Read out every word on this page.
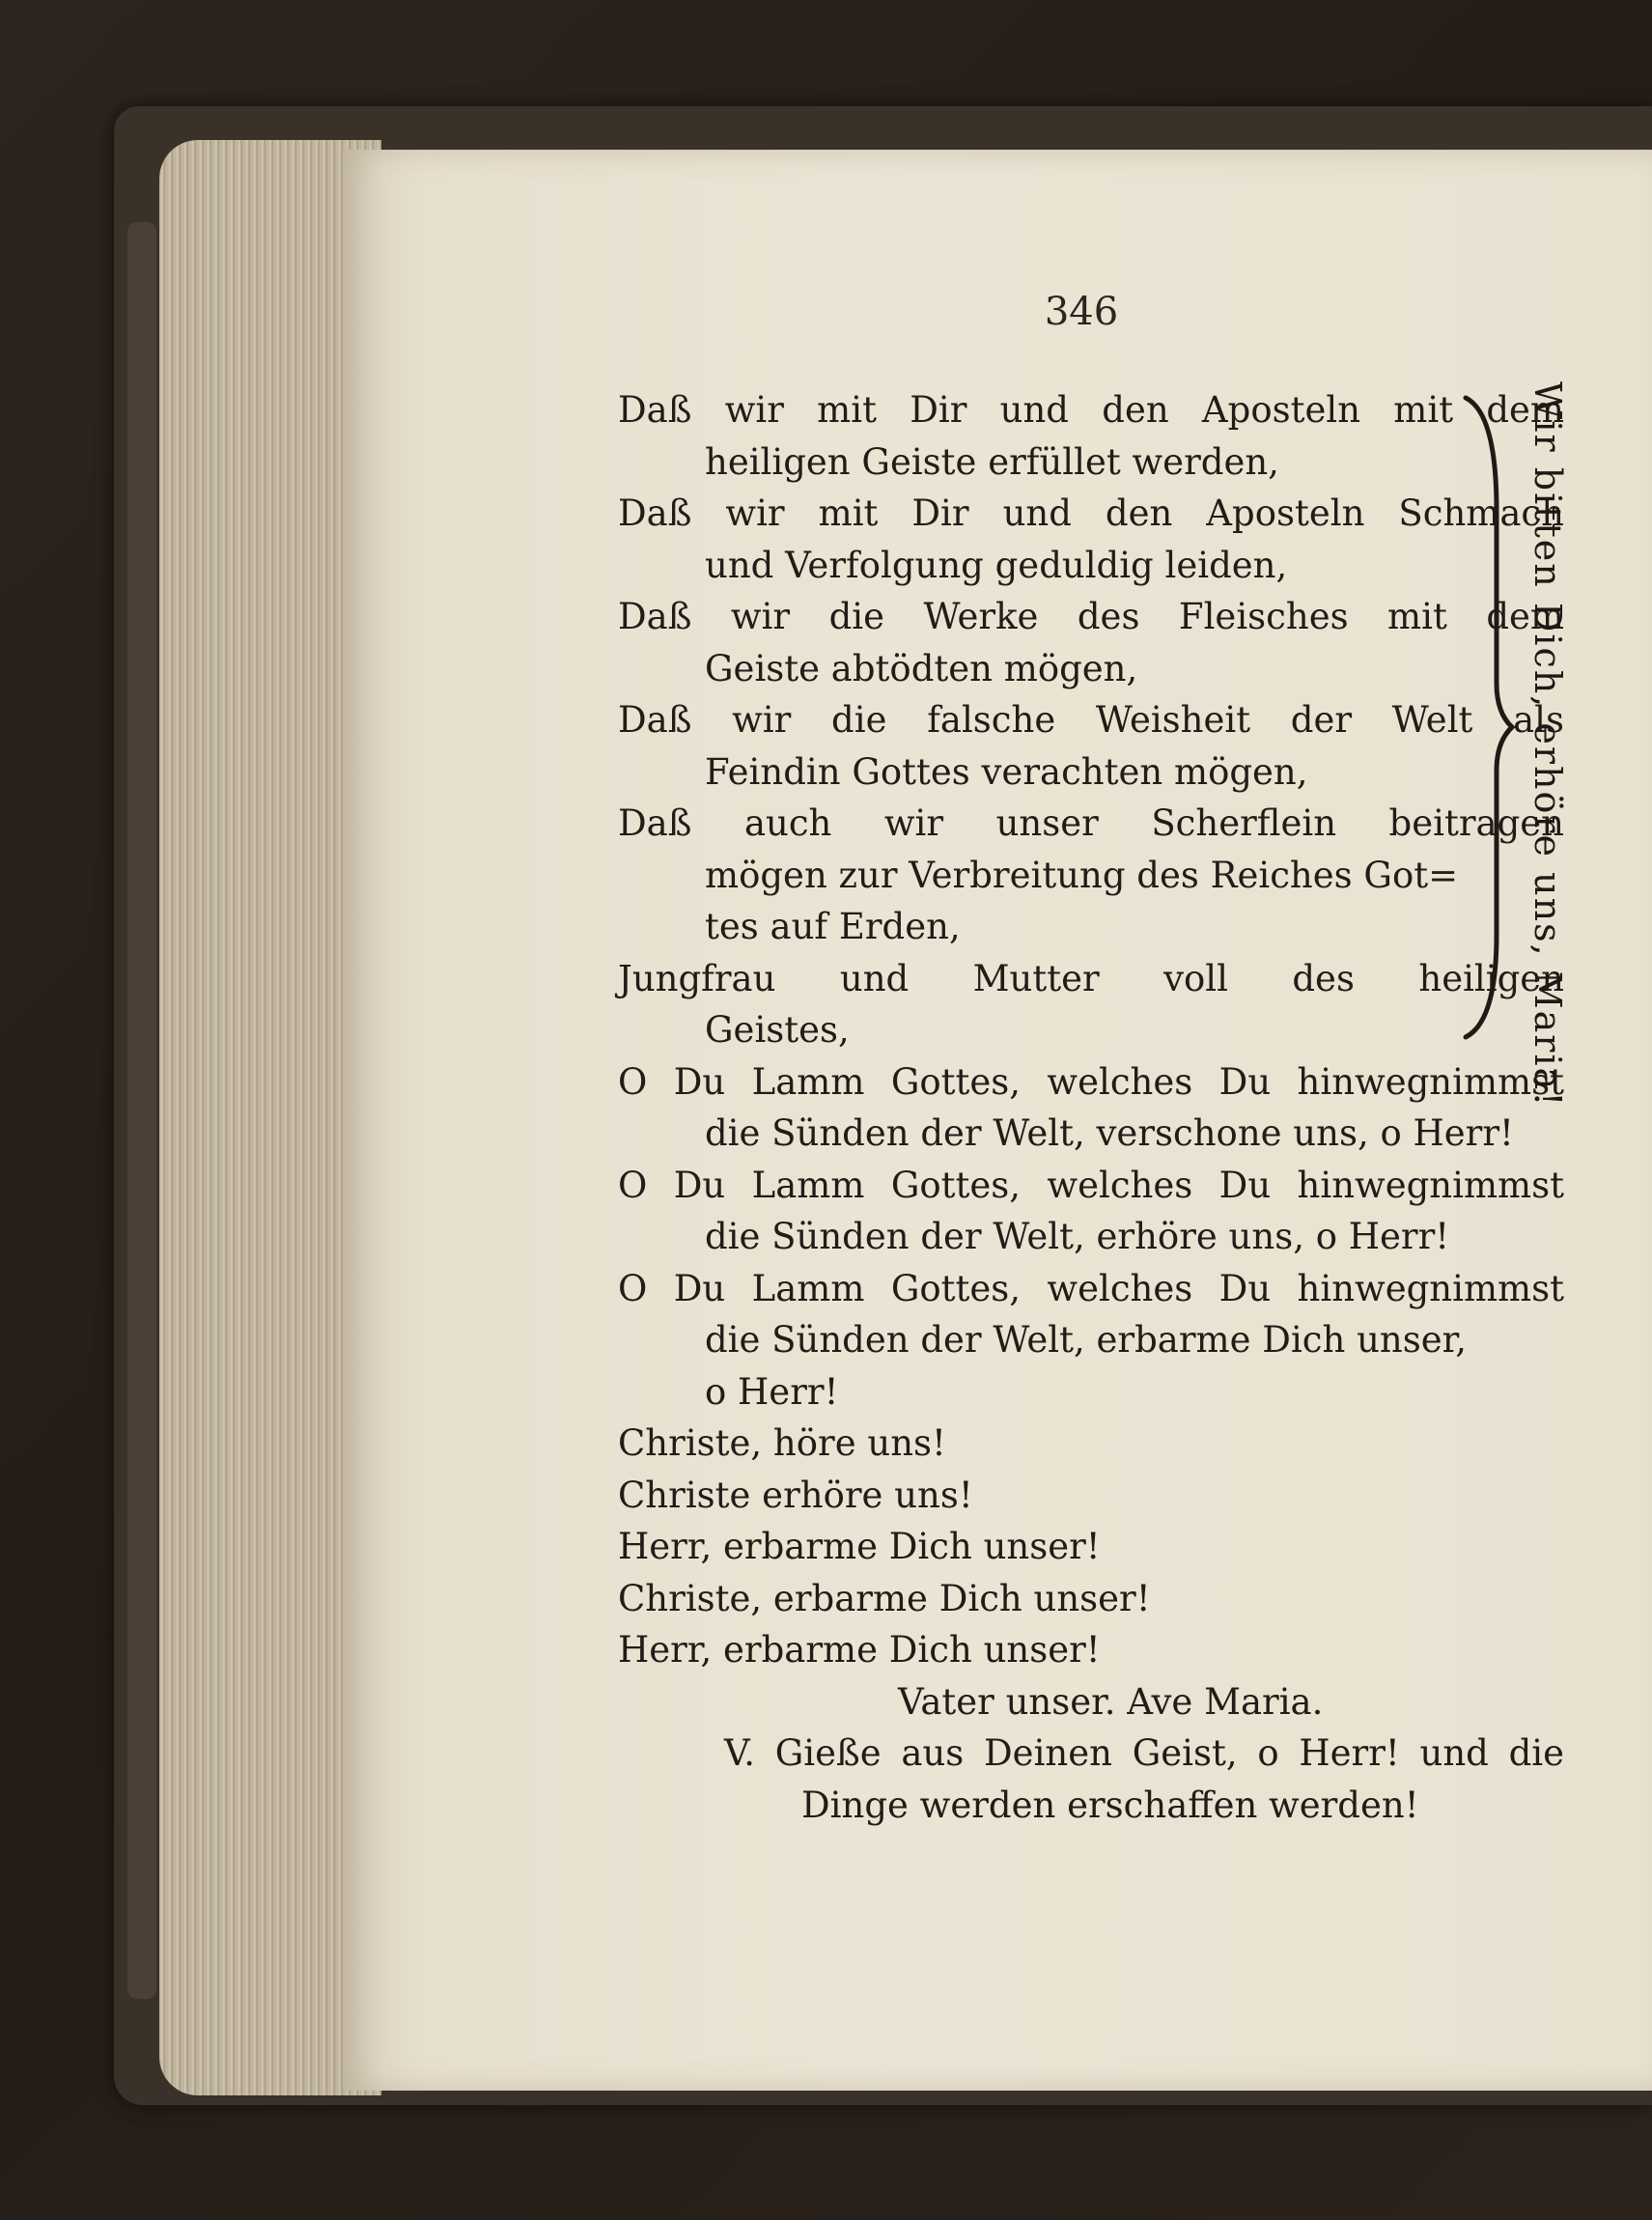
346
Daß wir mit Dir und den Aposteln mit dem
heiligen Geiste erfüllet werden,
Daß wir mit Dir und den Aposteln Schmach
und Verfolgung geduldig leiden,
Daß wir die Werke des Fleisches mit dem
Geiste abtödten mögen,
Daß wir die falsche Weisheit der Welt als
Feindin Gottes verachten mögen,
Daß auch wir unser Scherflein beitragen
mögen zur Verbreitung des Reiches Got=
tes auf Erden,
Jungfrau und Mutter voll des heiligen
Geistes,
O Du Lamm Gottes, welches Du hinwegnimmst
die Sünden der Welt, verschone uns, o Herr!
O Du Lamm Gottes, welches Du hinwegnimmst
die Sünden der Welt, erhöre uns, o Herr!
O Du Lamm Gottes, welches Du hinwegnimmst
die Sünden der Welt, erbarme Dich unser,
o Herr!
Christe, höre uns!
Christe erhöre uns!
Herr, erbarme Dich unser!
Christe, erbarme Dich unser!
Herr, erbarme Dich unser!
Vater unser. Ave Maria.
V. Gieße aus Deinen Geist, o Herr! und die
Dinge werden erschaffen werden!
Wir bitten Dich, erhöre uns, Maria!
